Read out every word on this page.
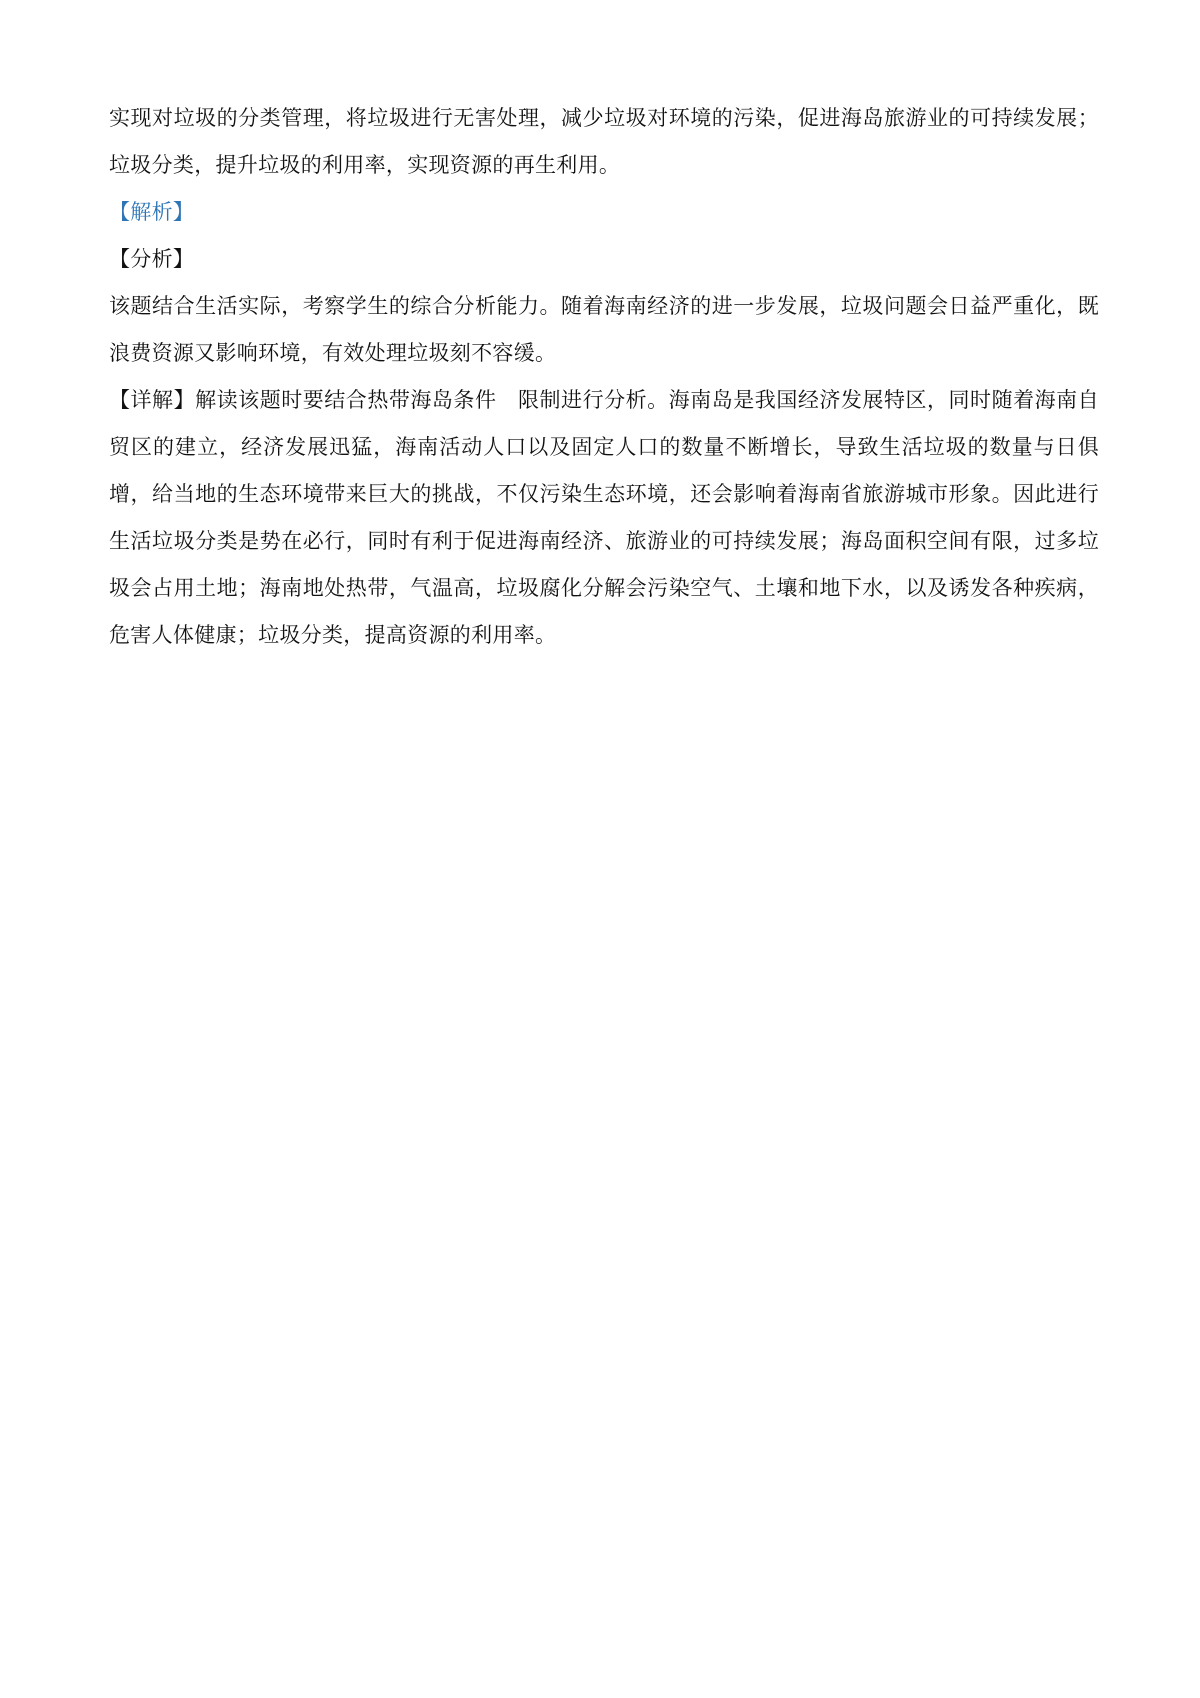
实现对垃圾的分类管理，将垃圾进行无害处理，减少垃圾对环境的污染，促进海岛旅游业的可持续发展；垃圾分类，提升垃圾的利用率，实现资源的再生利用。

【解析】

【分析】

该题结合生活实际，考察学生的综合分析能力。随着海南经济的进一步发展，垃圾问题会日益严重化，既浪费资源又影响环境，有效处理垃圾刻不容缓。

【详解】解读该题时要结合热带海岛条件　限制进行分析。海南岛是我国经济发展特区，同时随着海南自贸区的建立，经济发展迅猛，海南活动人口以及固定人口的数量不断增长，导致生活垃圾的数量与日俱增，给当地的生态环境带来巨大的挑战，不仅污染生态环境，还会影响着海南省旅游城市形象。因此进行生活垃圾分类是势在必行，同时有利于促进海南经济、旅游业的可持续发展；海岛面积空间有限，过多垃圾会占用土地；海南地处热带，气温高，垃圾腐化分解会污染空气、土壤和地下水，以及诱发各种疾病，危害人体健康；垃圾分类，提高资源的利用率。
